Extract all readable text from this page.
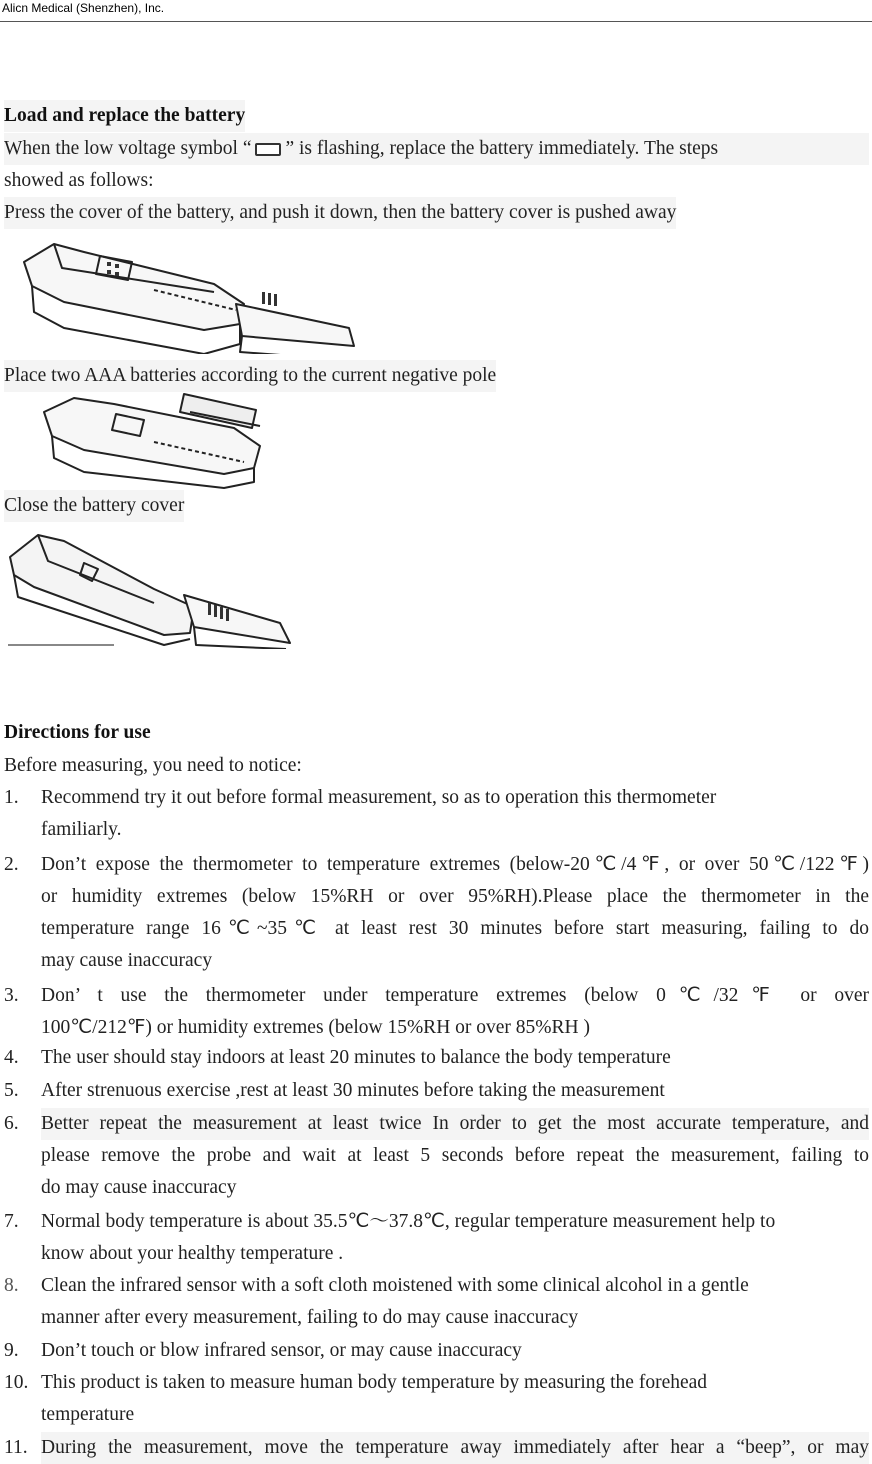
Alicn Medical (Shenzhen), Inc.
Load and replace the battery
When the low voltage symbol “ ” is flashing, replace the battery immediately. The steps
showed as follows:
Press the cover of the battery, and push it down, then the battery cover is pushed away
Place two AAA batteries according to the current negative pole
Close the battery cover
Directions for use
Before measuring, you need to notice:
1. Recommend try it out before formal measurement, so as to operation this thermometer
familiarly.
2. Don’t expose the thermometer to temperature extremes (below-20℃/4℉, or over 50℃/122℉)
or humidity extremes (below 15%RH or over 95%RH).Please place the thermometer in the
temperature range 16℃~35℃ at least rest 30 minutes before start measuring, failing to do
may cause inaccuracy
3. Don’ t use the thermometer under temperature extremes (below 0℃/32℉ or over
100℃/212℉) or humidity extremes (below 15%RH or over 85%RH )
4. The user should stay indoors at least 20 minutes to balance the body temperature
5. After strenuous exercise ,rest at least 30 minutes before taking the measurement
6. Better repeat the measurement at least twice In order to get the most accurate temperature, and
please remove the probe and wait at least 5 seconds before repeat the measurement, failing to
do may cause inaccuracy
7. Normal body temperature is about 35.5℃～37.8℃, regular temperature measurement help to
know about your healthy temperature .
8. Clean the infrared sensor with a soft cloth moistened with some clinical alcohol in a gentle
manner after every measurement, failing to do may cause inaccuracy
9. Don’t touch or blow infrared sensor, or may cause inaccuracy
10. This product is taken to measure human body temperature by measuring the forehead
temperature
11. During the measurement, move the temperature away immediately after hear a “beep”, or may
